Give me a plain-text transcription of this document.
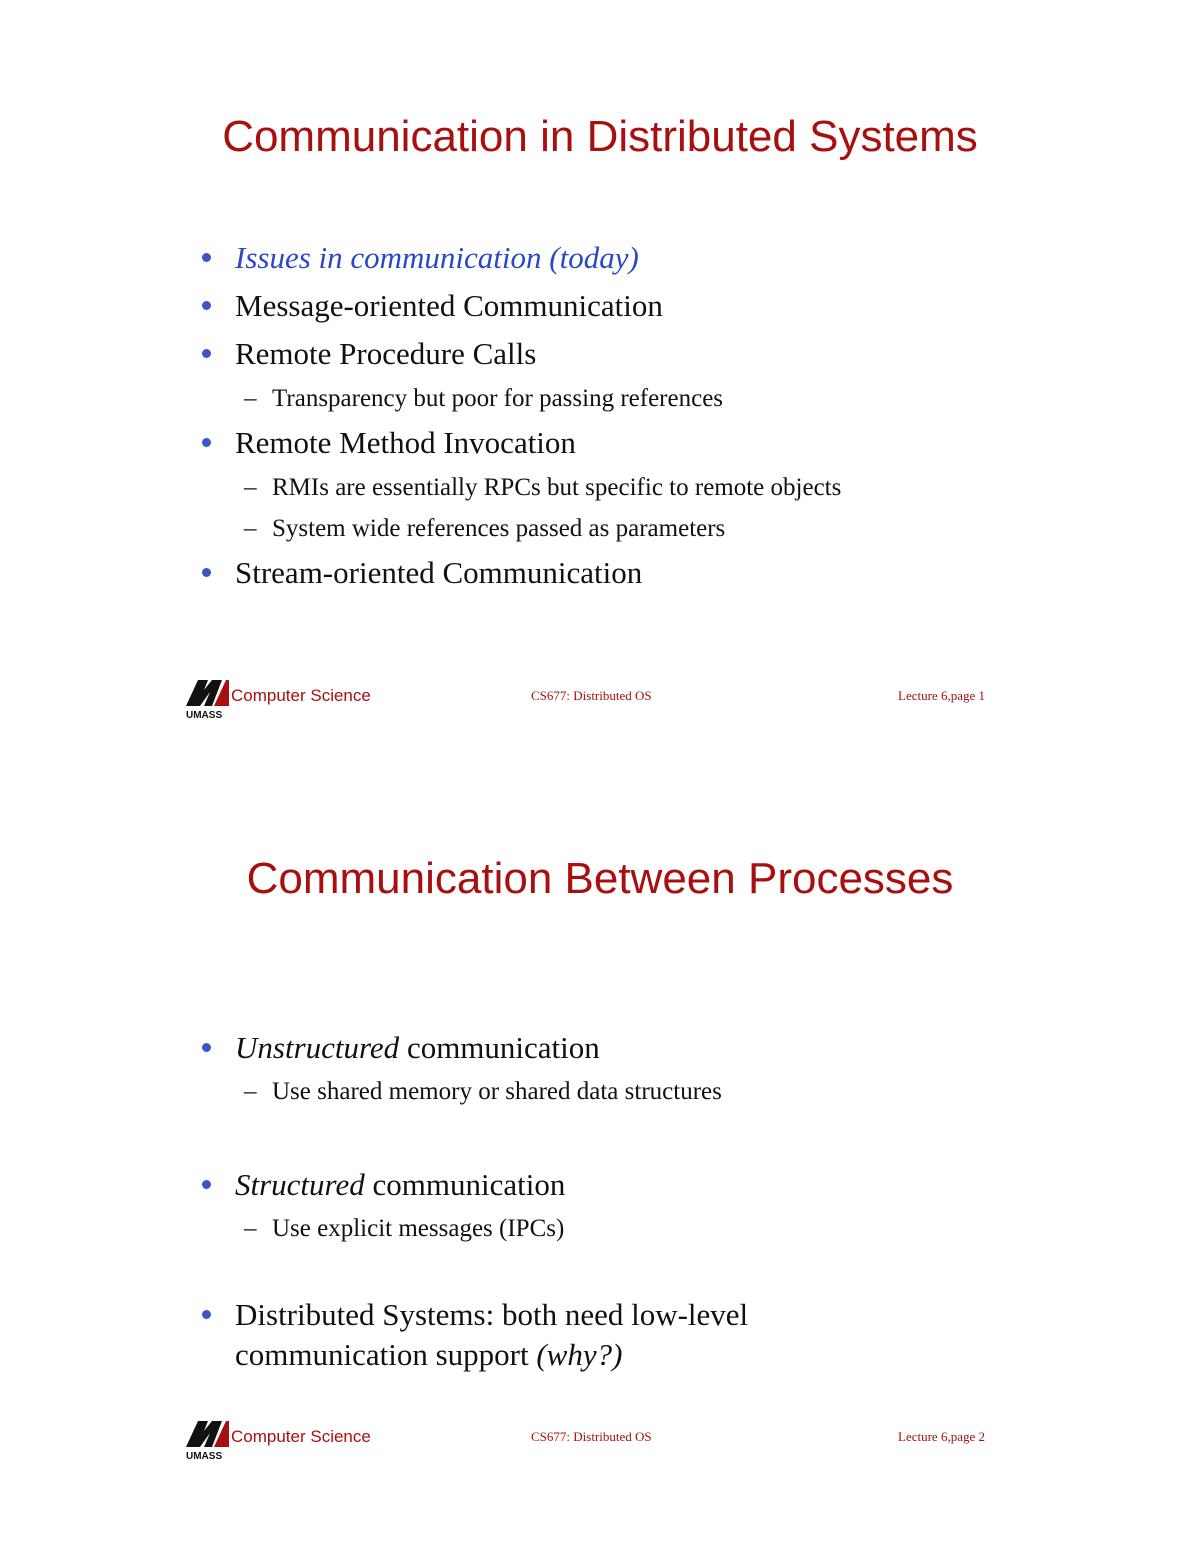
Communication in Distributed Systems
Issues in communication (today)
Message-oriented Communication
Remote Procedure Calls
– Transparency but poor for passing references
Remote Method Invocation
– RMIs are essentially RPCs but specific to remote objects
– System wide references passed as parameters
Stream-oriented Communication
UMASS
Computer Science	CS677: Distributed OS	Lecture 6,page 1
Communication Between Processes
Unstructured communication
– Use shared memory or shared data structures
Structured communication
– Use explicit messages (IPCs)
Distributed Systems: both need low-level
communication support (why?)
UMASS
Computer Science	CS677: Distributed OS	Lecture 6,page 2
